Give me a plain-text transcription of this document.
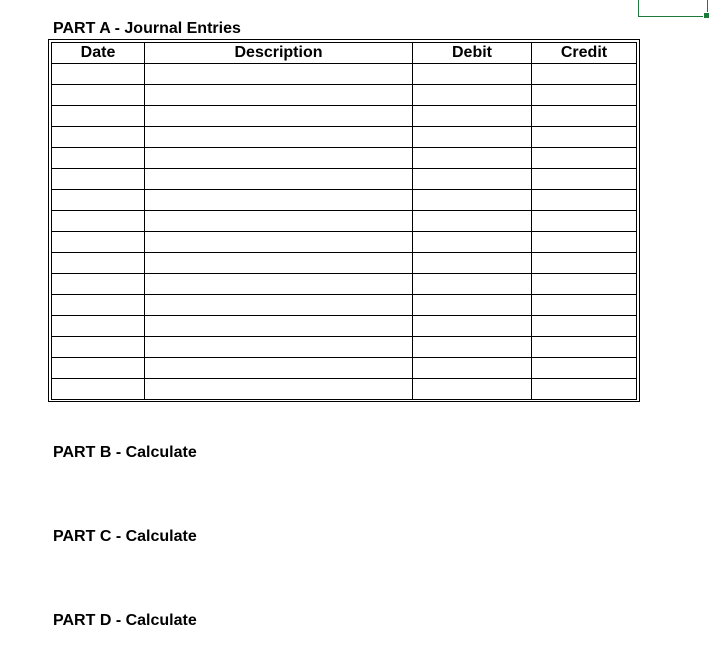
PART A - Journal Entries
Date	Description	Debit	Credit

PART B - Calculate
PART C - Calculate
PART D - Calculate
